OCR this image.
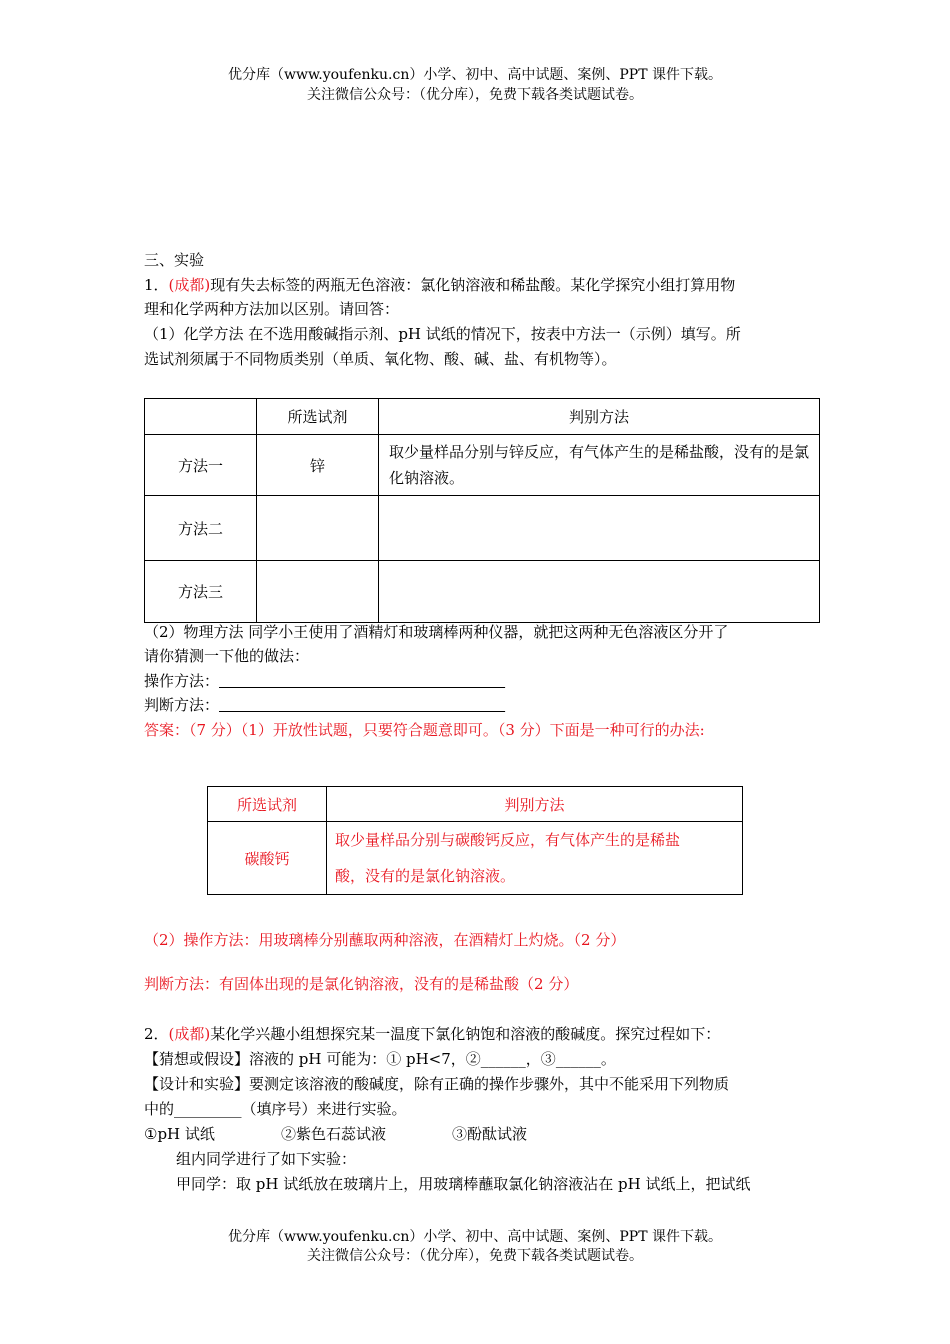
优分库（www.youfenku.cn）小学、初中、高中试题、案例、PPT 课件下载。
关注微信公众号：（优分库），免费下载各类试题试卷。
三、实验
1．(成都)现有失去标签的两瓶无色溶液：氯化钠溶液和稀盐酸。某化学探究小组打算用物
理和化学两种方法加以区别。请回答：
（1）化学方法 在不选用酸碱指示剂、pH 试纸的情况下，按表中方法一（示例）填写。所
选试剂须属于不同物质类别（单质、氧化物、酸、碱、盐、有机物等）。
	所选试剂	判别方法
方法一	锌	取少量样品分别与锌反应，有气体产生的是稀盐酸，没有的是氯化钠溶液。
方法二		
方法三		
（2）物理方法 同学小王使用了酒精灯和玻璃棒两种仪器，就把这两种无色溶液区分开了
请你猜测一下他的做法：
操作方法：
判断方法：
答案：（7 分）（1）开放性试题，只要符合题意即可。（3 分）下面是一种可行的办法:
所选试剂	判别方法
碳酸钙	取少量样品分别与碳酸钙反应，有气体产生的是稀盐
酸，没有的是氯化钠溶液。
（2）操作方法：用玻璃棒分别蘸取两种溶液，在酒精灯上灼烧。（2 分）
判断方法：有固体出现的是氯化钠溶液，没有的是稀盐酸（2 分）
2．(成都)某化学兴趣小组想探究某一温度下氯化钠饱和溶液的酸碱度。探究过程如下：
【猜想或假设】溶液的 pH 可能为：① pH<7，②______，③______。
【设计和实验】要测定该溶液的酸碱度，除有正确的操作步骤外，其中不能采用下列物质
中的_________（填序号）来进行实验。
①pH 试纸	②紫色石蕊试液	③酚酞试液
组内同学进行了如下实验：
甲同学：取 pH 试纸放在玻璃片上，用玻璃棒蘸取氯化钠溶液沾在 pH 试纸上，把试纸
优分库（www.youfenku.cn）小学、初中、高中试题、案例、PPT 课件下载。
关注微信公众号：（优分库），免费下载各类试题试卷。
